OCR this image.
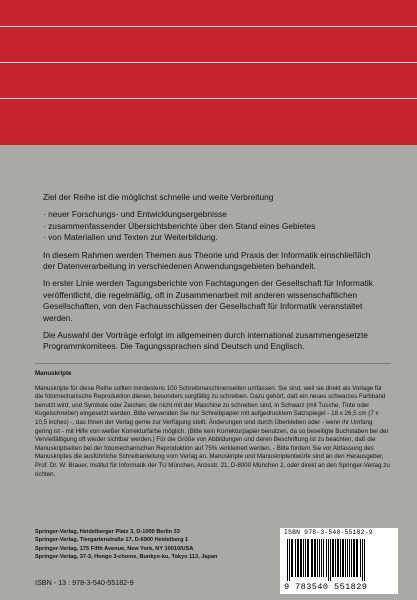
Ziel der Reihe ist die möglichst schnelle und weite Verbreitung

· neuer Forschungs- und Entwicklungsergebnisse
· zusammenfassender Übersichtsberichte über den Stand eines Gebietes
· von Materialien und Texten zur Weiterbildung.

In diesem Rahmen werden Themen aus Theorie und Praxis der Informatik einschließlich der Datenverarbeitung in verschiedenen Anwendungsgebieten behandelt.

In erster Linie werden Tagungsberichte von Fachtagungen der Gesellschaft für Informatik veröffentlicht, die regelmäßig, oft in Zusammenarbeit mit anderen wissenschaftlichen Gesellschaften, von den Fachausschüssen der Gesellschaft für Informatik veranstaltet werden.

Die Auswahl der Vorträge erfolgt im allgemeinen durch international zusammengesetzte Programmkomitees. Die Tagungssprachen sind Deutsch und Englisch.

Manuskripte
Manuskripte für diese Reihe sollten mindestens 100 Schreibmaschinenseiten umfassen. Sie sind, weil sie direkt als Vorlage für die fotomechanische Reproduktion dienen, besonders sorgfältig zu schreiben. Dazu gehört, daß ein neues schwarzes Farbband benutzt wird, und Symbole oder Zeichen, die nicht mit der Maschine zu schreiben sind, in Schwarz (mit Tusche, Tinte oder Kugelschreiber) eingesetzt werden. Bitte verwenden Sie nur Schreibpapier mit aufgedrucktem Satzspiegel - 18 x 26,5 cm (7 x 10,5 inches) -, das Ihnen der Verlag gerne zur Verfügung stellt. Änderungen sind durch Überkleben oder - wenn ihr Umfang gering ist - mit Hilfe von weißer Korrekturfarbe möglich. (Bitte kein Korrekturpapier benutzen, da so beseitigte Buchstaben bei der Vervielfältigung oft wieder sichtbar werden.) Für die Größe von Abbildungen und deren Beschriftung ist zu beachten, daß die Manuskriptseiten bei der fotomechanischen Reproduktion auf 75% verkleinert werden. - Bitte fordern Sie vor Abfassung des Manuskriptes die ausführliche Schreibanleitung vom Verlag an. Manuskripte und Manuskriptentwürfe sind an den Herausgeber, Prof. Dr. W. Brauer, Institut für Informatik der TU München, Arcisstr. 21, D-8000 München 2, oder direkt an den Springer-Verlag zu richten.
Springer-Verlag, Heidelberger Platz 3, D-1000 Berlin 33
Springer-Verlag, Tiergartenstraße 17, D-6900 Heidelberg 1
Springer-Verlag, 175 Fifth Avenue, New York, NY 10010/USA
Springer-Verlag, 37-3, Hongo 3-chome, Bunkyo-ku, Tokyo 113, Japan
ISBN 978-3-540-55182-9
9 783540 551829
ISBN - 13 : 978-3-540-55182-9
